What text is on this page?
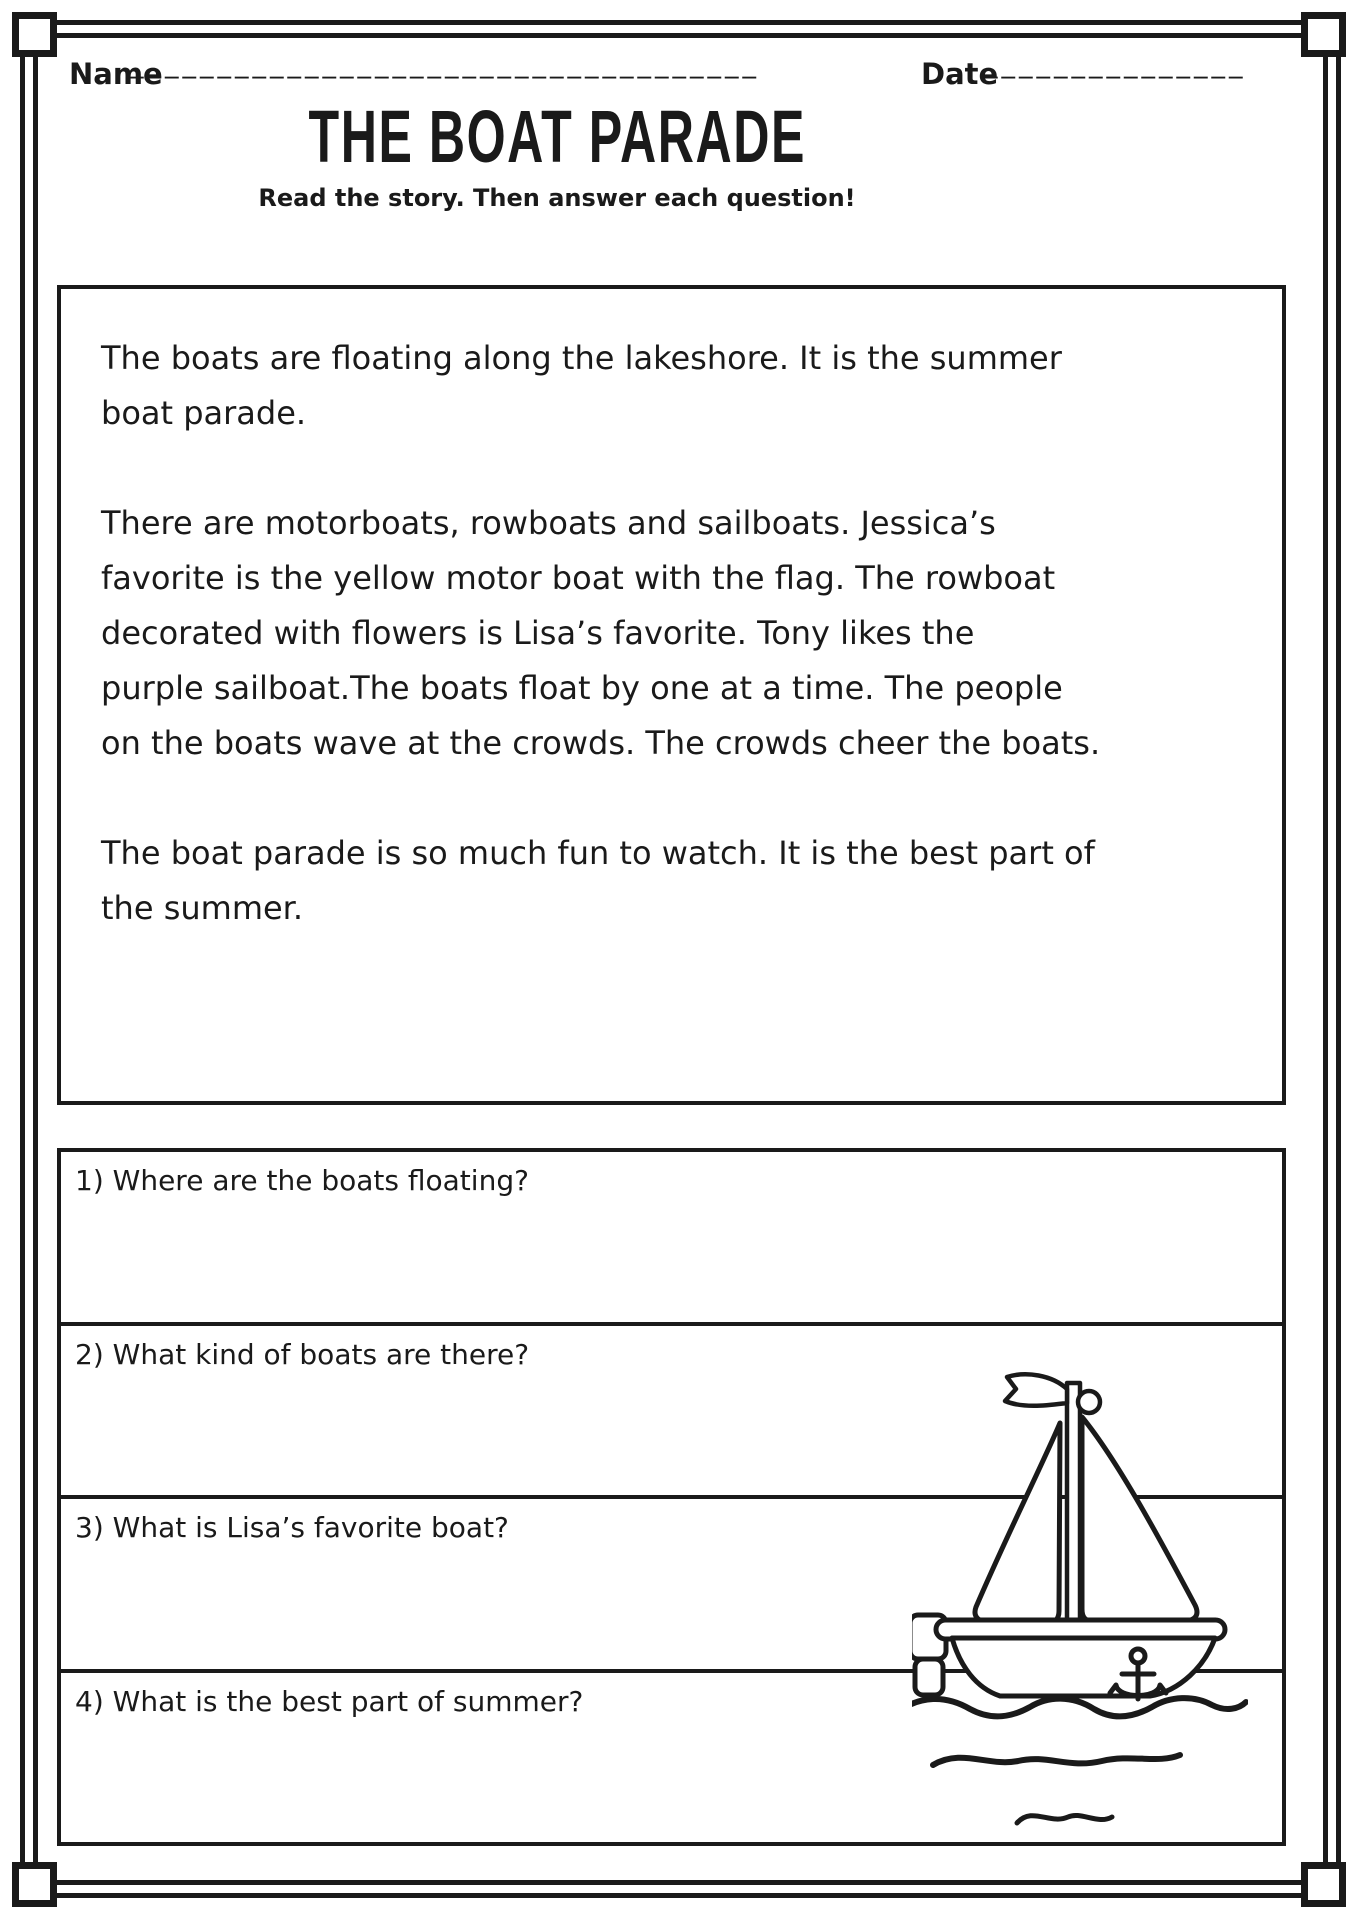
Name
____________________________________	Date
_______________
THE BOAT PARADE
Read the story. Then answer each question!
The boats are floating along the lakeshore. It is the summer
boat parade.
There are motorboats, rowboats and sailboats. Jessica’s
favorite is the yellow motor boat with the flag. The rowboat
decorated with flowers is Lisa’s favorite. Tony likes the
purple sailboat.The boats float by one at a time. The people
on the boats wave at the crowds. The crowds cheer the boats.
The boat parade is so much fun to watch. It is the best part of
the summer.
1) Where are the boats floating?
2) What kind of boats are there?
3) What is Lisa’s favorite boat?
4) What is the best part of summer?
